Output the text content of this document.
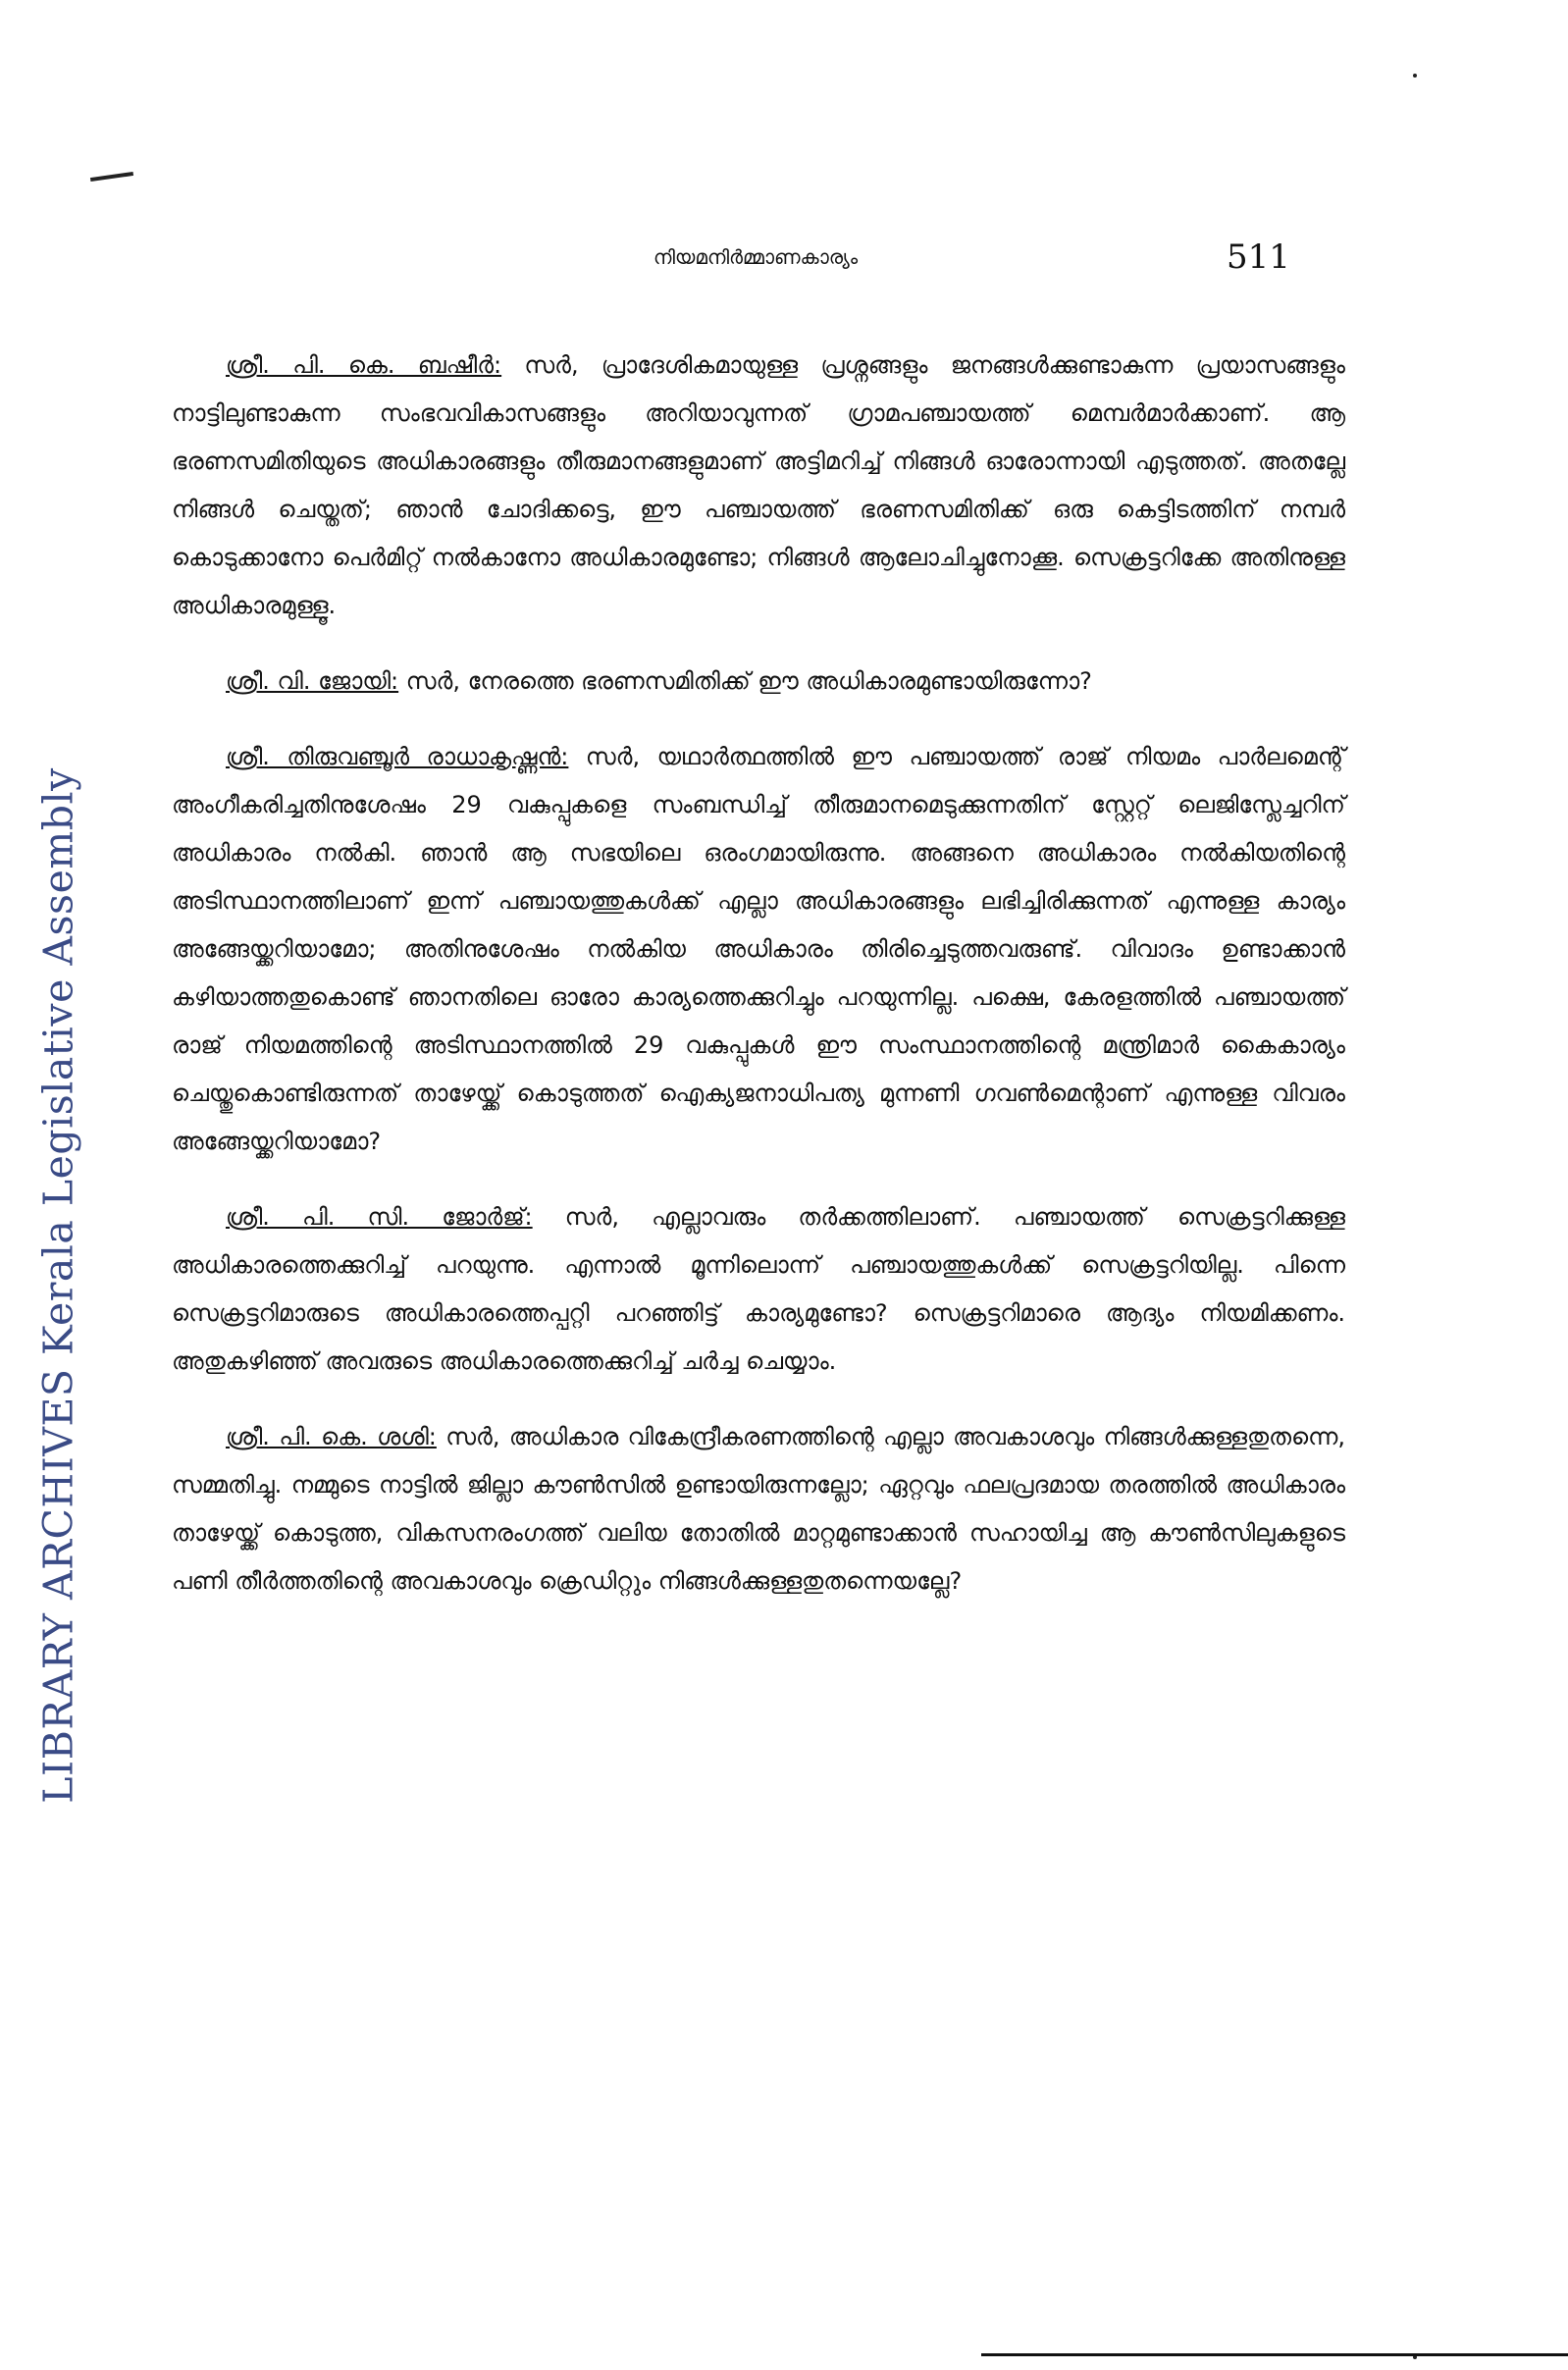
LIBRARY ARCHIVES Kerala Legislative Assembly
നിയമനിർമ്മാണകാര്യം	511

ശ്രീ. പി. കെ. ബഷീർ: സർ, പ്രാദേശികമായുള്ള പ്രശ്നങ്ങളും ജനങ്ങൾക്കുണ്ടാകുന്ന പ്രയാസങ്ങളും നാട്ടിലുണ്ടാകുന്ന സംഭവവികാസങ്ങളും അറിയാവുന്നത് ഗ്രാമപഞ്ചായത്ത് മെമ്പർമാർക്കാണ്. ആ ഭരണസമിതിയുടെ അധികാരങ്ങളും തീരുമാനങ്ങളുമാണ് അട്ടിമറിച്ച് നിങ്ങൾ ഓരോന്നായി എടുത്തത്. അതല്ലേ നിങ്ങൾ ചെയ്തത്; ഞാൻ ചോദിക്കട്ടെ, ഈ പഞ്ചായത്ത് ഭരണസമിതിക്ക് ഒരു കെട്ടിടത്തിന് നമ്പർ കൊടുക്കാനോ പെർമിറ്റ് നൽകാനോ അധികാരമുണ്ടോ; നിങ്ങൾ ആലോചിച്ചുനോക്കൂ. സെക്രട്ടറിക്കേ അതിനുള്ള അധികാരമുള്ളൂ.

ശ്രീ. വി. ജോയി: സർ, നേരത്തെ ഭരണസമിതിക്ക് ഈ അധികാരമുണ്ടായിരുന്നോ?

ശ്രീ. തിരുവഞ്ചൂർ രാധാകൃഷ്ണൻ: സർ, യഥാർത്ഥത്തിൽ ഈ പഞ്ചായത്ത് രാജ് നിയമം പാർലമെന്റ് അംഗീകരിച്ചതിനുശേഷം 29 വകുപ്പുകളെ സംബന്ധിച്ച് തീരുമാനമെടുക്കുന്നതിന് സ്റ്റേറ്റ് ലെജിസ്ലേച്ചറിന് അധികാരം നൽകി. ഞാൻ ആ സഭയിലെ ഒരംഗമായിരുന്നു. അങ്ങനെ അധികാരം നൽകിയതിന്റെ അടിസ്ഥാനത്തിലാണ് ഇന്ന് പഞ്ചായത്തുകൾക്ക് എല്ലാ അധികാരങ്ങളും ലഭിച്ചിരിക്കുന്നത് എന്നുള്ള കാര്യം അങ്ങേയ്ക്കറിയാമോ; അതിനുശേഷം നൽകിയ അധികാരം തിരിച്ചെടുത്തവരുണ്ട്. വിവാദം ഉണ്ടാക്കാൻ കഴിയാത്തതുകൊണ്ട് ഞാനതിലെ ഓരോ കാര്യത്തെക്കുറിച്ചും പറയുന്നില്ല. പക്ഷെ, കേരളത്തിൽ പഞ്ചായത്ത് രാജ് നിയമത്തിന്റെ അടിസ്ഥാനത്തിൽ 29 വകുപ്പുകൾ ഈ സംസ്ഥാനത്തിന്റെ മന്ത്രിമാർ കൈകാര്യം ചെയ്തുകൊണ്ടിരുന്നത് താഴേയ്ക്ക് കൊടുത്തത് ഐക്യജനാധിപത്യ മുന്നണി ഗവൺമെന്റാണ് എന്നുള്ള വിവരം അങ്ങേയ്ക്കറിയാമോ?

ശ്രീ. പി. സി. ജോർജ്: സർ, എല്ലാവരും തർക്കത്തിലാണ്. പഞ്ചായത്ത് സെക്രട്ടറിക്കുള്ള അധികാരത്തെക്കുറിച്ച് പറയുന്നു. എന്നാൽ മൂന്നിലൊന്ന് പഞ്ചായത്തുകൾക്ക് സെക്രട്ടറിയില്ല. പിന്നെ സെക്രട്ടറിമാരുടെ അധികാരത്തെപ്പറ്റി പറഞ്ഞിട്ട് കാര്യമുണ്ടോ? സെക്രട്ടറിമാരെ ആദ്യം നിയമിക്കണം. അതുകഴിഞ്ഞ് അവരുടെ അധികാരത്തെക്കുറിച്ച് ചർച്ച ചെയ്യാം.

ശ്രീ. പി. കെ. ശശി: സർ, അധികാര വികേന്ദ്രീകരണത്തിന്റെ എല്ലാ അവകാശവും നിങ്ങൾക്കുള്ളതുതന്നെ, സമ്മതിച്ചു. നമ്മുടെ നാട്ടിൽ ജില്ലാ കൗൺസിൽ ഉണ്ടായിരുന്നല്ലോ; ഏറ്റവും ഫലപ്രദമായ തരത്തിൽ അധികാരം താഴേയ്ക്ക് കൊടുത്ത, വികസനരംഗത്ത് വലിയ തോതിൽ മാറ്റമുണ്ടാക്കാൻ സഹായിച്ച ആ കൗൺസിലുകളുടെ പണി തീർത്തതിന്റെ അവകാശവും ക്രെഡിറ്റും നിങ്ങൾക്കുള്ളതുതന്നെയല്ലേ?
